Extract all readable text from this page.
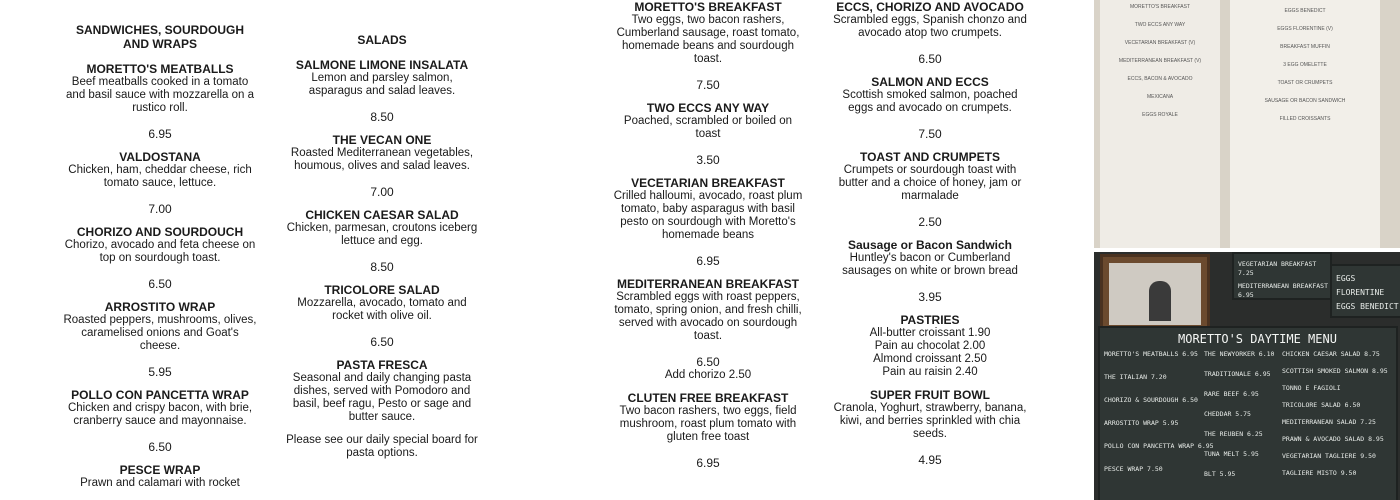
SANDWICHES, SOURDOUGH AND WRAPS
MORETTO'S MEATBALLS
Beef meatballs cooked in a tomato and basil sauce with mozzarella on a rustico roll.
6.95
VALDOSTANA
Chicken, ham, cheddar cheese, rich tomato sauce, lettuce.
7.00
CHORIZO AND SOURDOUCH
Chorizo, avocado and feta cheese on top on sourdough toast.
6.50
ARROSTITO WRAP
Roasted peppers, mushrooms, olives, caramelised onions and Goat's cheese.
5.95
POLLO CON PANCETTA WRAP
Chicken and crispy bacon, with brie, cranberry sauce and mayonnaise.
6.50
PESCE WRAP
Prawn and calamari with rocket
SALADS
SALMONE LIMONE INSALATA
Lemon and parsley salmon, asparagus and salad leaves.
8.50
THE VECAN ONE
Roasted Mediterranean vegetables, houmous, olives and salad leaves.
7.00
CHICKEN CAESAR SALAD
Chicken, parmesan, croutons iceberg lettuce and egg.
8.50
TRICOLORE SALAD
Mozzarella, avocado, tomato and rocket with olive oil.
6.50
PASTA FRESCA
Seasonal and daily changing pasta dishes, served with Pomodoro and basil, beef ragu, Pesto or sage and butter sauce.
Please see our daily special board for pasta options.
MORETTO'S BREAKFAST
Two eggs, two bacon rashers, Cumberland sausage, roast tomato, homemade beans and sourdough toast.
7.50
TWO ECCS ANY WAY
Poached, scrambled or boiled on toast
3.50
VECETARIAN BREAKFAST
Crilled halloumi, avocado, roast plum tomato, baby asparagus with basil pesto on sourdough with Moretto's homemade beans
6.95
MEDITERRANEAN BREAKFAST
Scrambled eggs with roast peppers, tomato, spring onion, and fresh chilli, served with avocado on sourdough toast.
6.50
Add chorizo 2.50
CLUTEN FREE BREAKFAST
Two bacon rashers, two eggs, field mushroom, roast plum tomato with gluten free toast
6.95
ECCS, CHORIZO AND AVOCADO
Scrambled eggs, Spanish chonzo and avocado atop two crumpets.
6.50
SALMON AND ECCS
Scottish smoked salmon, poached eggs and avocado on crumpets.
7.50
TOAST AND CRUMPETS
Crumpets or sourdough toast with butter and a choice of honey, jam or marmalade
2.50
Sausage or Bacon Sandwich
Huntley's bacon or Cumberland sausages on white or brown bread
3.95
PASTRIES
All-butter croissant 1.90
Pain au chocolat 2.00
Almond croissant 2.50
Pain au raisin 2.40
SUPER FRUIT BOWL
Cranola, Yoghurt, strawberry, banana, kiwi, and berries sprinkled with chia seeds.
4.95
MORETTO'S BREAKFAST
TWO ECCS ANY WAY
VECETARIAN BREAKFAST (V)
MEDITERRANEAN BREAKFAST (V)
ECCS, BACON & AVOCADO
MEXICANA
EGGS ROYALE
EGGS BENEDICT
EGGS FLORENTINE (V)
BREAKFAST MUFFIN
3 EGG OMELETTE
TOAST OR CRUMPETS
SAUSAGE OR BACON SANDWICH
FILLED CROISSANTS
VEGETARIAN BREAKFAST 7.25
MEDITERRANEAN BREAKFAST 6.95
EGGS FLORENTINE
EGGS BENEDICT
MORETTO'S DAYTIME MENU
MORETTO'S MEATBALLS 6.95
THE ITALIAN 7.20
CHORIZO & SOURDOUGH 6.50
ARROSTITO WRAP 5.95
POLLO CON PANCETTA WRAP 6.95
PESCE WRAP 7.50
THE NEWYORKER 6.10
TRADITIONALE 6.95
RARE BEEF 6.95
CHEDDAR 5.75
THE REUBEN 6.25
TUNA MELT 5.95
BLT 5.95
CHICKEN CAESAR SALAD 8.75
SCOTTISH SMOKED SALMON 8.95
TONNO E FAGIOLI
TRICOLORE SALAD 6.50
MEDITERRANEAN SALAD 7.25
PRAWN & AVOCADO SALAD 8.95
VEGETARIAN TAGLIERE 9.50
TAGLIERE MISTO 9.50
